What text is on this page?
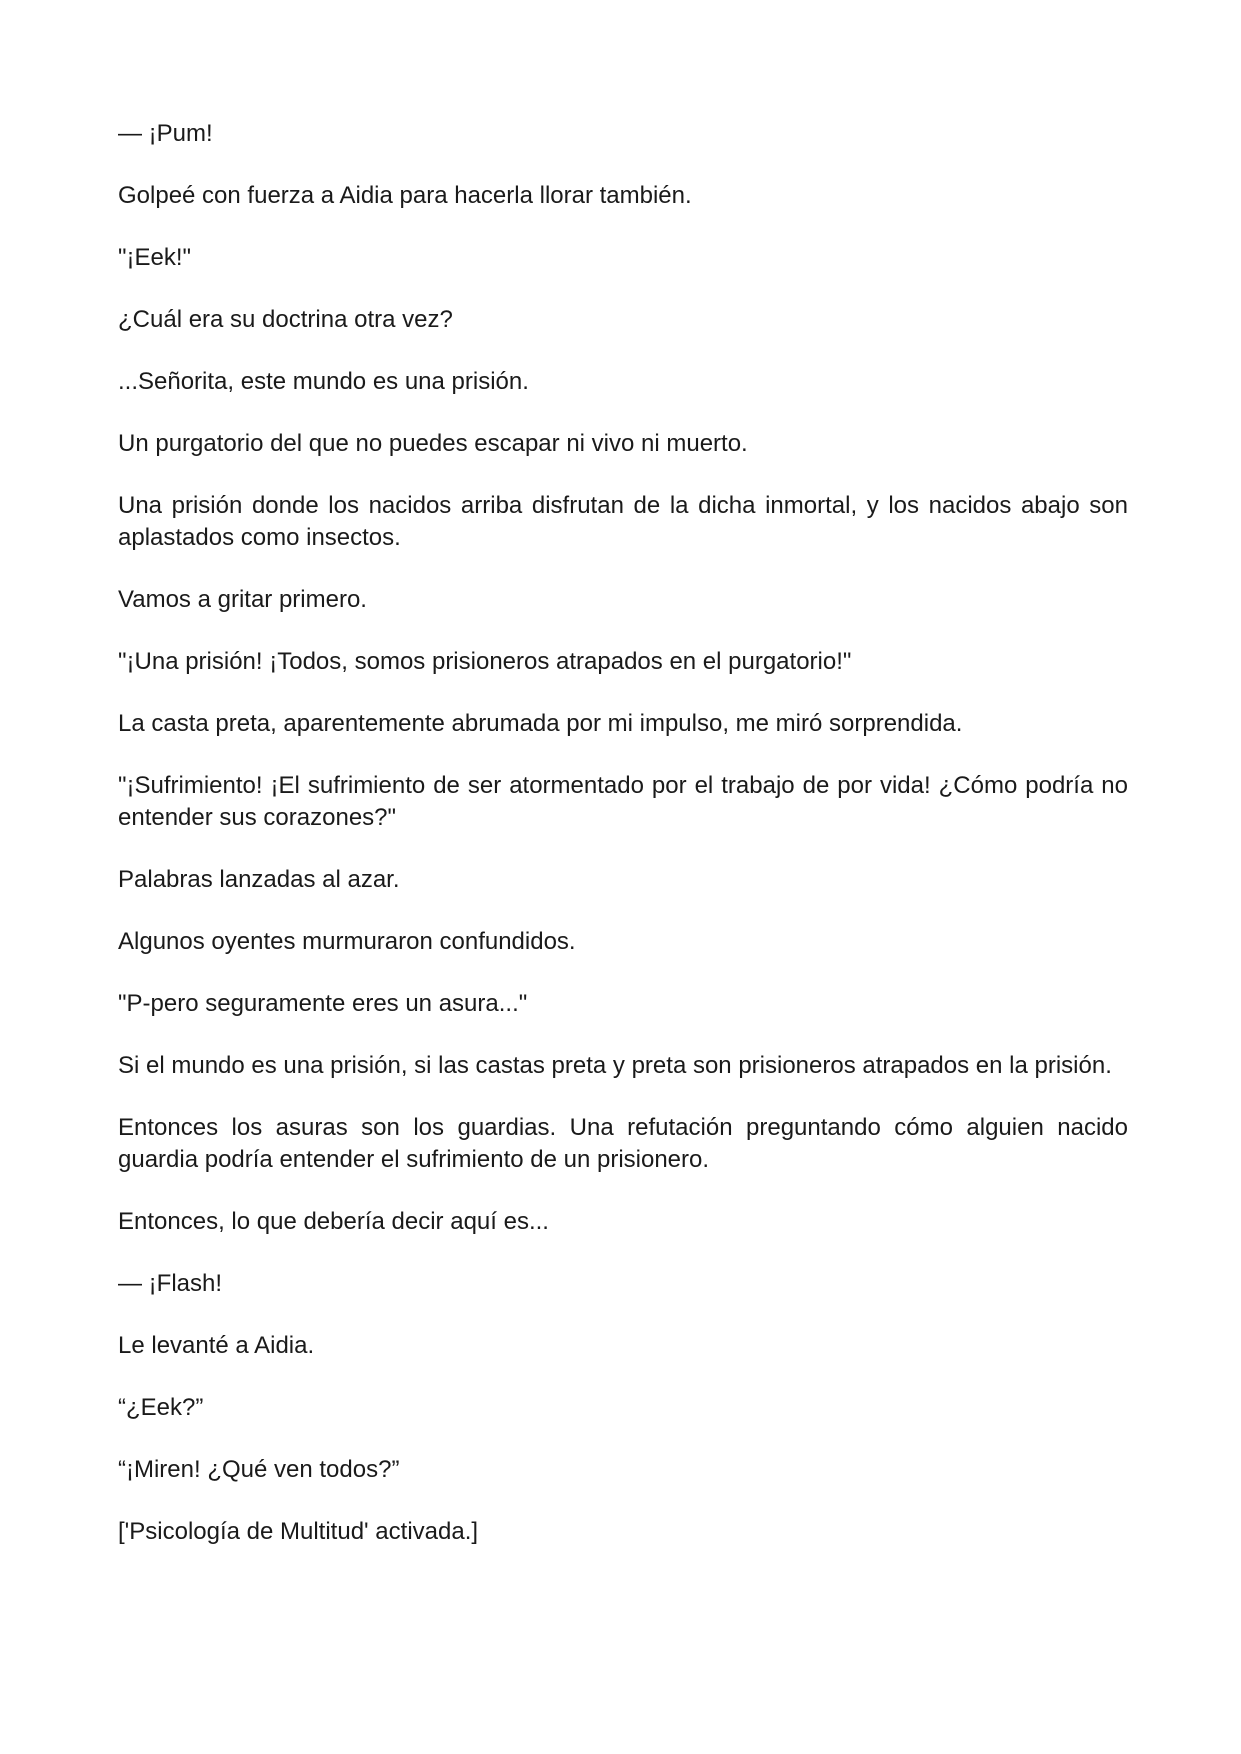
— ¡Pum!

Golpeé con fuerza a Aidia para hacerla llorar también.

"¡Eek!"

¿Cuál era su doctrina otra vez?

...Señorita, este mundo es una prisión.

Un purgatorio del que no puedes escapar ni vivo ni muerto.

Una prisión donde los nacidos arriba disfrutan de la dicha inmortal, y los nacidos abajo son aplastados como insectos.

Vamos a gritar primero.

"¡Una prisión! ¡Todos, somos prisioneros atrapados en el purgatorio!"

La casta preta, aparentemente abrumada por mi impulso, me miró sorprendida.

"¡Sufrimiento! ¡El sufrimiento de ser atormentado por el trabajo de por vida! ¿Cómo podría no entender sus corazones?"

Palabras lanzadas al azar.

Algunos oyentes murmuraron confundidos.

"P-pero seguramente eres un asura..."

Si el mundo es una prisión, si las castas preta y preta son prisioneros atrapados en la prisión.

Entonces los asuras son los guardias. Una refutación preguntando cómo alguien nacido guardia podría entender el sufrimiento de un prisionero.

Entonces, lo que debería decir aquí es...

— ¡Flash!

Le levanté a Aidia.

“¿Eek?”

“¡Miren! ¿Qué ven todos?”

['Psicología de Multitud' activada.]
